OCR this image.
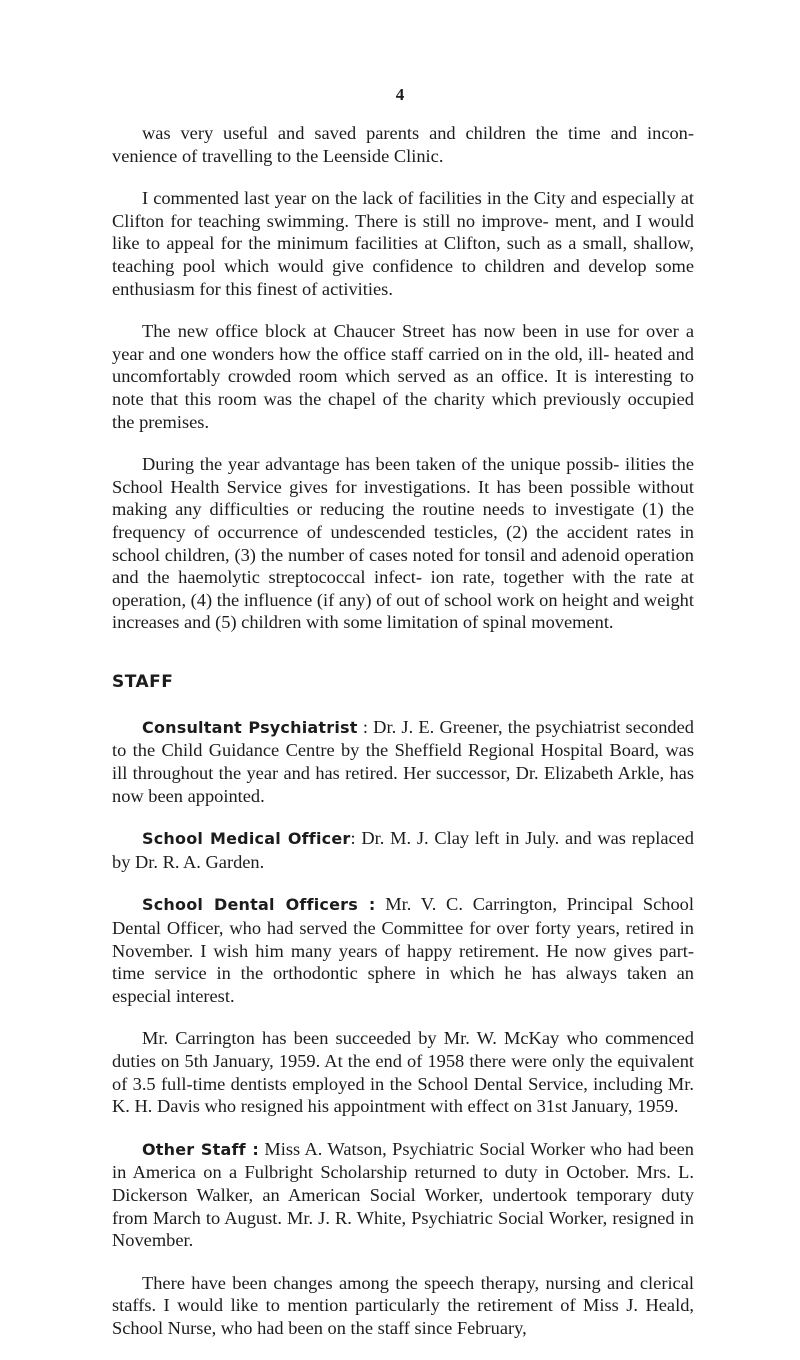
4

was very useful and saved parents and children the time and incon- venience of travelling to the Leenside Clinic.

I commented last year on the lack of facilities in the City and especially at Clifton for teaching swimming. There is still no improve- ment, and I would like to appeal for the minimum facilities at Clifton, such as a small, shallow, teaching pool which would give confidence to children and develop some enthusiasm for this finest of activities.

The new office block at Chaucer Street has now been in use for over a year and one wonders how the office staff carried on in the old, ill- heated and uncomfortably crowded room which served as an office. It is interesting to note that this room was the chapel of the charity which previously occupied the premises.

During the year advantage has been taken of the unique possib- ilities the School Health Service gives for investigations. It has been possible without making any difficulties or reducing the routine needs to investigate (1) the frequency of occurrence of undescended testicles, (2) the accident rates in school children, (3) the number of cases noted for tonsil and adenoid operation and the haemolytic streptococcal infect- ion rate, together with the rate at operation, (4) the influence (if any) of out of school work on height and weight increases and (5) children with some limitation of spinal movement.

STAFF

Consultant Psychiatrist : Dr. J. E. Greener, the psychiatrist seconded to the Child Guidance Centre by the Sheffield Regional Hospital Board, was ill throughout the year and has retired. Her successor, Dr. Elizabeth Arkle, has now been appointed.

School Medical Officer: Dr. M. J. Clay left in July. and was replaced by Dr. R. A. Garden.

School Dental Officers : Mr. V. C. Carrington, Principal School Dental Officer, who had served the Committee for over forty years, retired in November. I wish him many years of happy retirement. He now gives part-time service in the orthodontic sphere in which he has always taken an especial interest.

Mr. Carrington has been succeeded by Mr. W. McKay who commenced duties on 5th January, 1959. At the end of 1958 there were only the equivalent of 3.5 full-time dentists employed in the School Dental Service, including Mr. K. H. Davis who resigned his appointment with effect on 31st January, 1959.

Other Staff : Miss A. Watson, Psychiatric Social Worker who had been in America on a Fulbright Scholarship returned to duty in October. Mrs. L. Dickerson Walker, an American Social Worker, undertook temporary duty from March to August. Mr. J. R. White, Psychiatric Social Worker, resigned in November.

There have been changes among the speech therapy, nursing and clerical staffs. I would like to mention particularly the retirement of Miss J. Heald, School Nurse, who had been on the staff since February,
